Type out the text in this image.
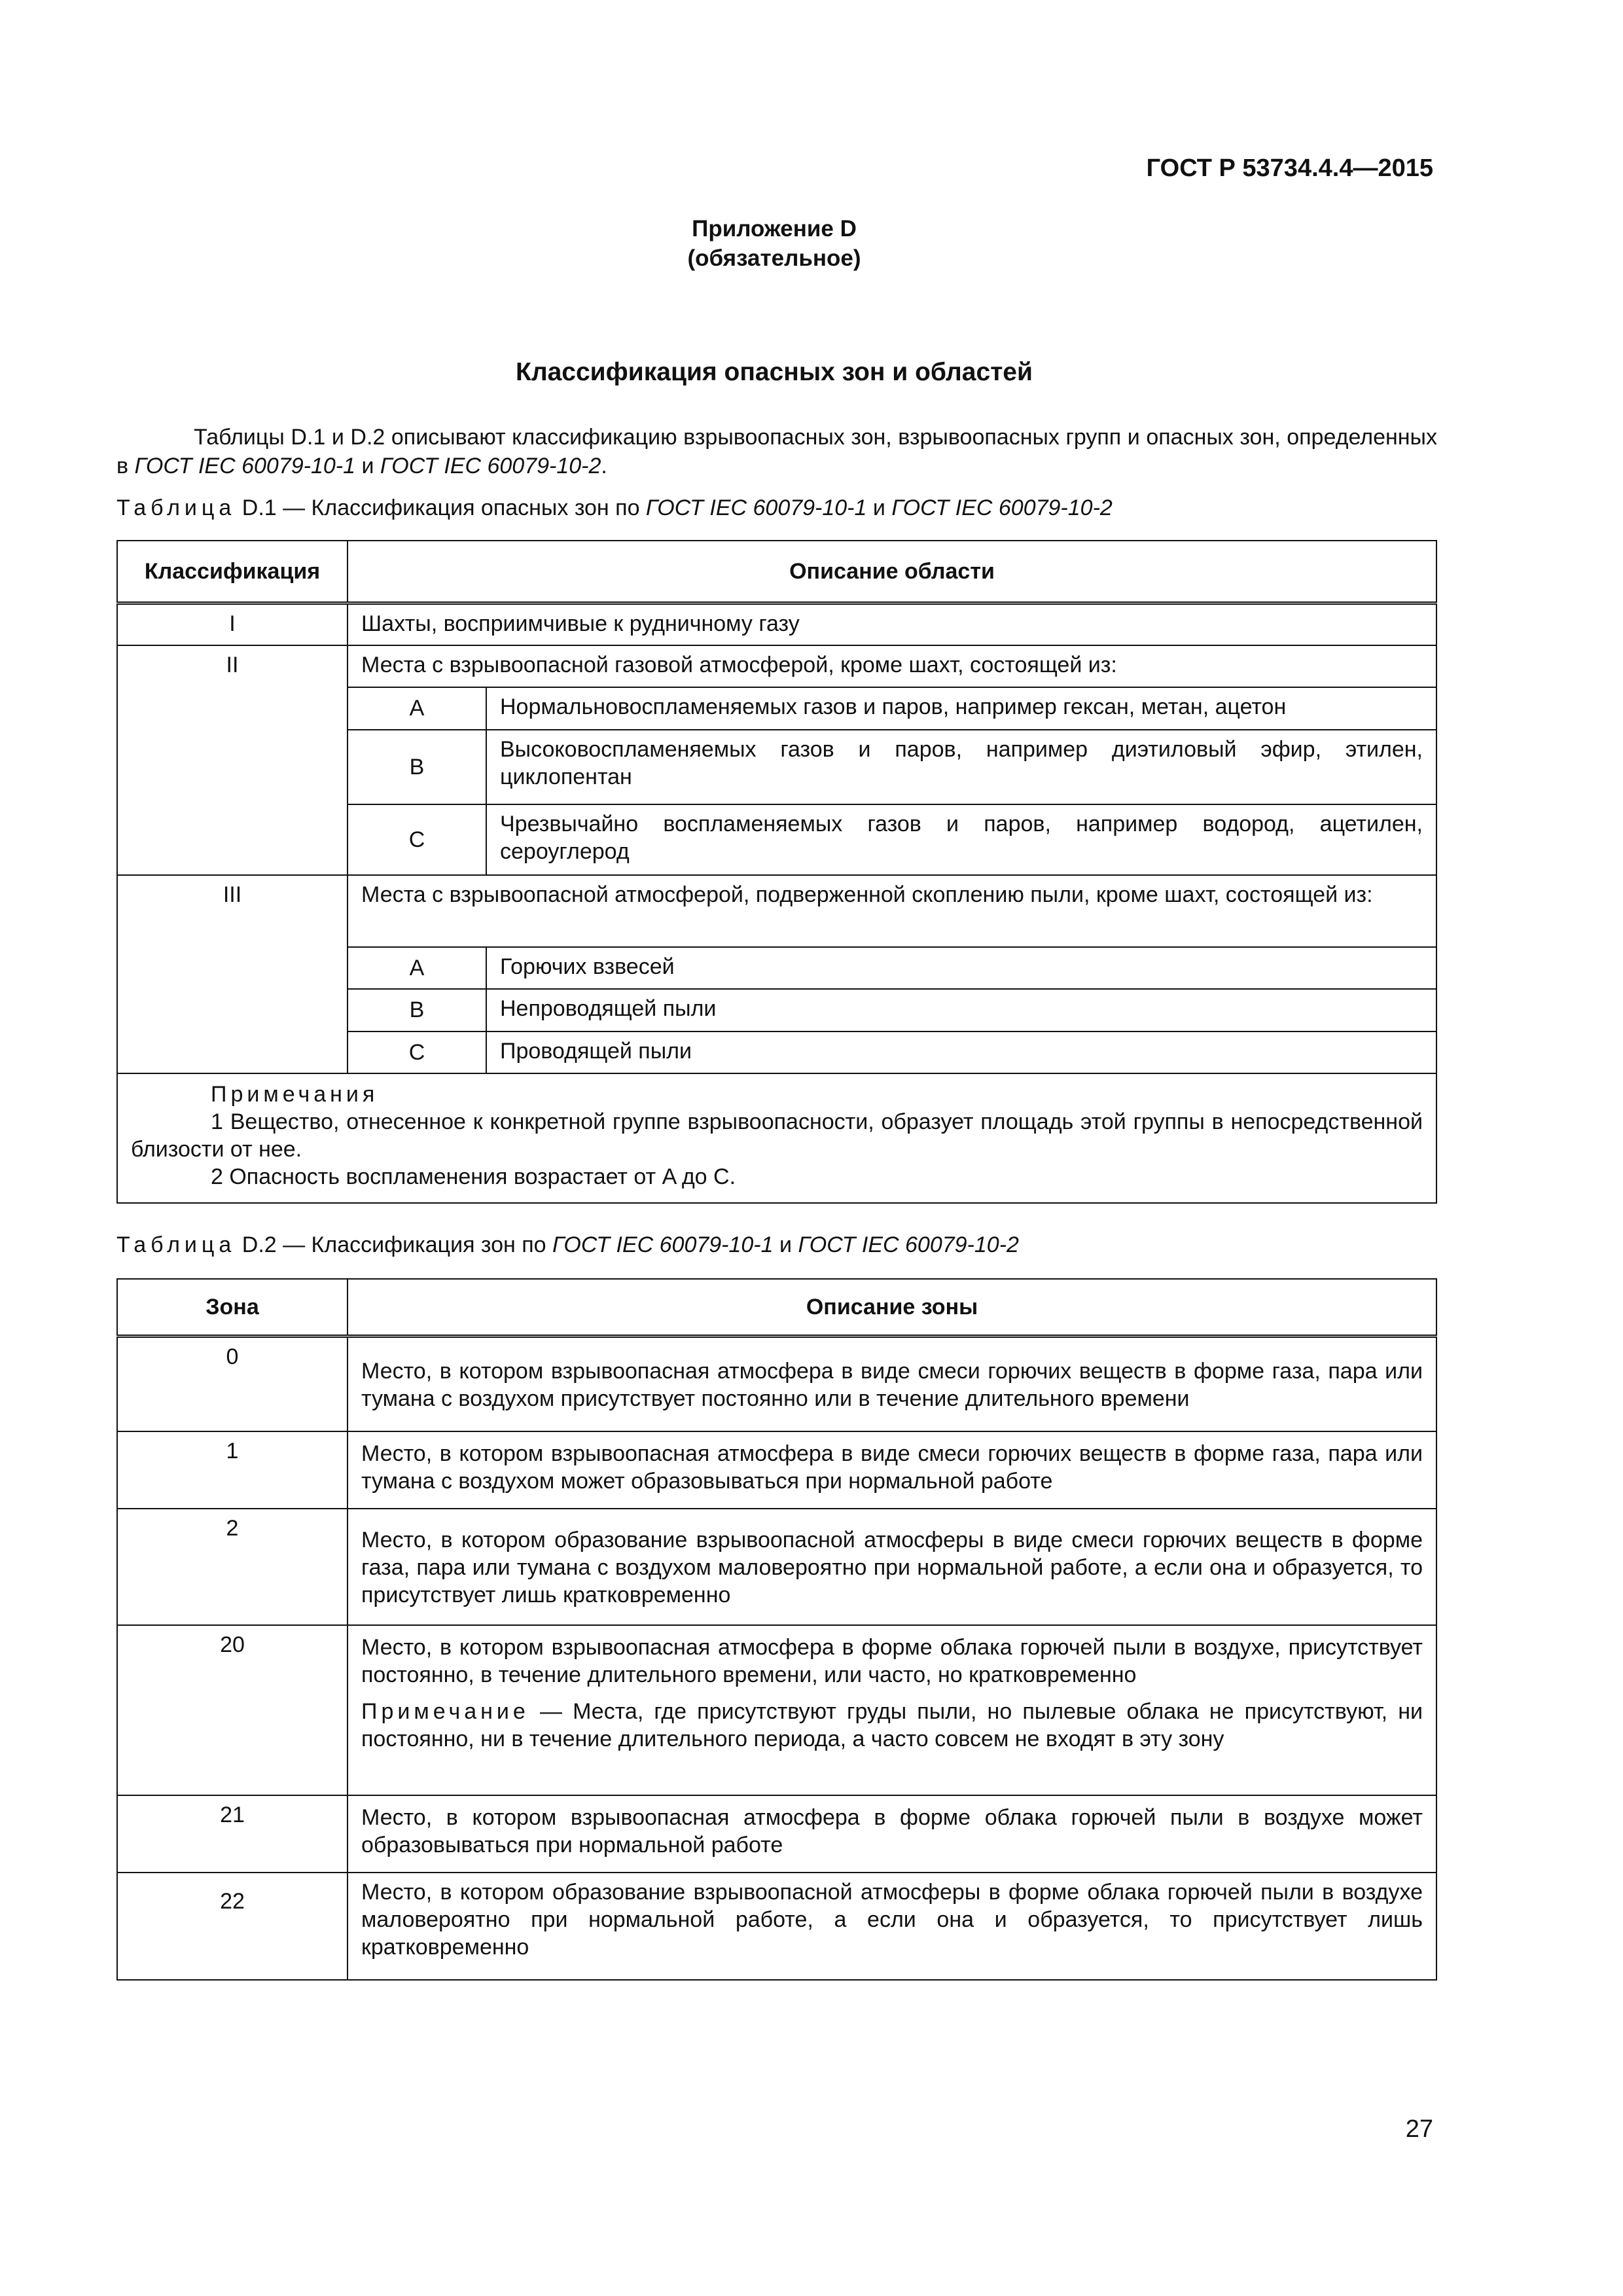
ГОСТ Р 53734.4.4—2015
Приложение D
(обязательное)
Классификация опасных зон и областей
Таблицы D.1 и D.2 описывают классификацию взрывоопасных зон, взрывоопасных групп и опасных зон, определенных в ГОСТ IEC 60079-10-1 и ГОСТ IEC 60079-10-2.
Таблица D.1 — Классификация опасных зон по ГОСТ IEC 60079-10-1 и ГОСТ IEC 60079-10-2
Классификация	Описание области	
I	Шахты, восприимчивые к рудничному газу	
II	Места с взрывоопасной газовой атмосферой, кроме шахт, состоящей из:	
	A	Нормальновоспламеняемых газов и паров, например гексан, метан, ацетон
	B	Высоковоспламеняемых газов и паров, например диэтиловый эфир, этилен, циклопентан
	C	Чрезвычайно воспламеняемых газов и паров, например водород, ацетилен, сероуглерод
III	Места с взрывоопасной атмосферой, подверженной скоплению пыли, кроме шахт, состоящей из:	
	A	Горючих взвесей
	B	Непроводящей пыли
	C	Проводящей пыли

Примечания
1 Вещество, отнесенное к конкретной группе взрывоопасности, образует площадь этой группы в непосредственной близости от нее.
2 Опасность воспламенения возрастает от A до C.		
Таблица D.2 — Классификация зон по ГОСТ IEC 60079-10-1 и ГОСТ IEC 60079-10-2
Зона	Описание зоны
0	Место, в котором взрывоопасная атмосфера в виде смеси горючих веществ в форме газа, пара или тумана с воздухом присутствует постоянно или в течение длительного времени
1	Место, в котором взрывоопасная атмосфера в виде смеси горючих веществ в форме газа, пара или тумана с воздухом может образовываться при нормальной работе
2	Место, в котором образование взрывоопасной атмосферы в виде смеси горючих веществ в форме газа, пара или тумана с воздухом маловероятно при нормальной работе, а если она и образуется, то присутствует лишь кратковременно
20	Место, в котором взрывоопасная атмосфера в форме облака горючей пыли в воздухе, присутствует постоянно, в течение длительного времени, или часто, но кратковременно
Примечание — Места, где присутствуют груды пыли, но пылевые облака не присутствуют, ни постоянно, ни в течение длительного периода, а часто совсем не входят в эту зону

21	Место, в котором взрывоопасная атмосфера в форме облака горючей пыли в воздухе может образовываться при нормальной работе
22	Место, в котором образование взрывоопасной атмосферы в форме облака горючей пыли в воздухе маловероятно при нормальной работе, а если она и образуется, то присутствует лишь кратковременно
27
